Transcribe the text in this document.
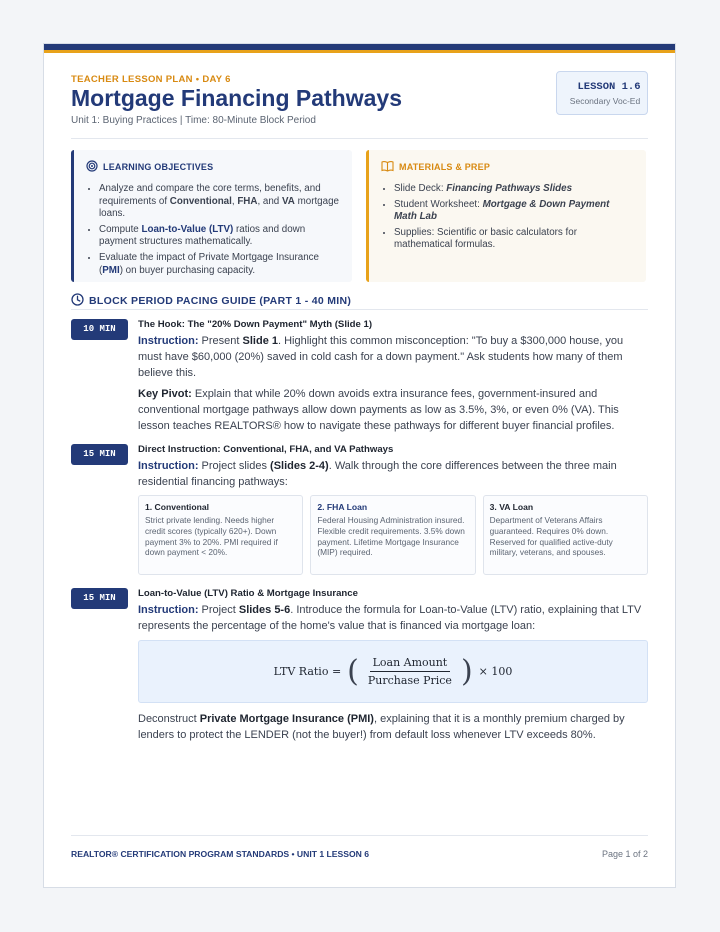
TEACHER LESSON PLAN • DAY 6
Mortgage Financing Pathways
Unit 1: Buying Practices | Time: 80-Minute Block Period
LESSON 1.6
Secondary Voc-Ed
LEARNING OBJECTIVES
• Analyze and compare the core terms, benefits, and requirements of Conventional, FHA, and VA mortgage loans.
• Compute Loan-to-Value (LTV) ratios and down payment structures mathematically.
• Evaluate the impact of Private Mortgage Insurance (PMI) on buyer purchasing capacity.
MATERIALS & PREP
• Slide Deck: Financing Pathways Slides
• Student Worksheet: Mortgage & Down Payment Math Lab
• Supplies: Scientific or basic calculators for mathematical formulas.
BLOCK PERIOD PACING GUIDE (PART 1 - 40 MIN)
10 MIN	The Hook: The "20% Down Payment" Myth (Slide 1)

Instruction: Present Slide 1. Highlight this common misconception: "To buy a $300,000 house, you must have $60,000 (20%) saved in cold cash for a down payment." Ask students how many of them believe this.

Key Pivot: Explain that while 20% down avoids extra insurance fees, government-insured and conventional mortgage pathways allow down payments as low as 3.5%, 3%, or even 0% (VA). This lesson teaches REALTORS® how to navigate these pathways for different buyer financial profiles.

15 MIN	Direct Instruction: Conventional, FHA, and VA Pathways

Instruction: Project slides (Slides 2-4). Walk through the core differences between the three main residential financing pathways:

1. Conventional
Strict private lending. Needs higher credit scores (typically 620+). Down payment 3% to 20%. PMI required if down payment < 20%.
2. FHA Loan
Federal Housing Administration insured. Flexible credit requirements. 3.5% down payment. Lifetime Mortgage Insurance (MIP) required.
3. VA Loan
Department of Veterans Affairs guaranteed. Requires 0% down. Reserved for qualified active-duty military, veterans, and spouses.
15 MIN	Loan-to-Value (LTV) Ratio & Mortgage Insurance

Instruction: Project Slides 5-6. Introduce the formula for Loan-to-Value (LTV) ratio, explaining that LTV represents the percentage of the home's value that is financed via mortgage loan:

LTV Ratio = ( $\frac{\text{Loan Amount}}{\text{Purchase Price}}$ ) × 100

Deconstruct Private Mortgage Insurance (PMI), explaining that it is a monthly premium charged by lenders to protect the LENDER (not the buyer!) from default loss whenever LTV exceeds 80%.

REALTOR® CERTIFICATION PROGRAM STANDARDS • UNIT 1 LESSON 6	Page 1 of 2
